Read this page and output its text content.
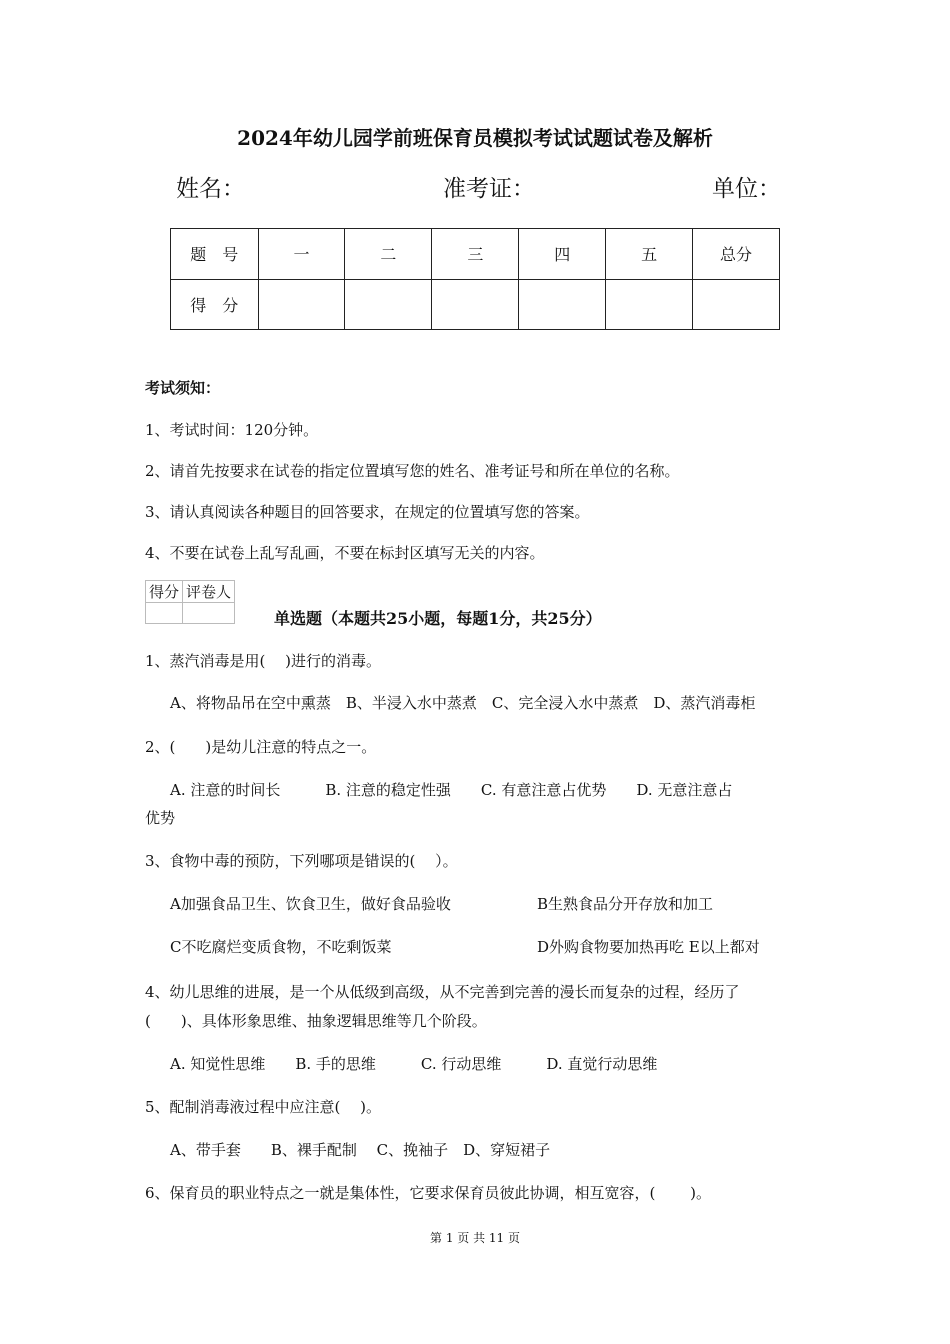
2024年幼儿园学前班保育员模拟考试试题试卷及解析
姓名：	准考证：	单位：
题　号	一	二	三	四	五	总分
得　分						
考试须知：
1、考试时间：120分钟。
2、请首先按要求在试卷的指定位置填写您的姓名、准考证号和所在单位的名称。
3、请认真阅读各种题目的回答要求，在规定的位置填写您的答案。
4、不要在试卷上乱写乱画，不要在标封区填写无关的内容。
得分	评卷人

单选题（本题共25小题，每题1分，共25分）
1、蒸汽消毒是用(　 )进行的消毒。
A、将物品吊在空中熏蒸　B、半浸入水中蒸煮　C、完全浸入水中蒸煮　D、蒸汽消毒柜
2、(　　)是幼儿注意的特点之一。
A. 注意的时间长　　　B. 注意的稳定性强　　C. 有意注意占优势　　D. 无意注意占
优势
3、食物中毒的预防，下列哪项是错误的(　 ）。
A加强食品卫生、饮食卫生，做好食品验收	B生熟食品分开存放和加工
C不吃腐烂变质食物，不吃剩饭菜	D外购食物要加热再吃 E以上都对
4、幼儿思维的进展，是一个从低级到高级，从不完善到完善的漫长而复杂的过程，经历了
(　　)、具体形象思维、抽象逻辑思维等几个阶段。
A. 知觉性思维　　B. 手的思维　　　C. 行动思维　　　D. 直觉行动思维
5、配制消毒液过程中应注意(　 )。
A、带手套　　B、裸手配制　 C、挽袖子　D、穿短裙子
6、保育员的职业特点之一就是集体性，它要求保育员彼此协调，相互宽容，(　　 )。
第 1 页 共 11 页
